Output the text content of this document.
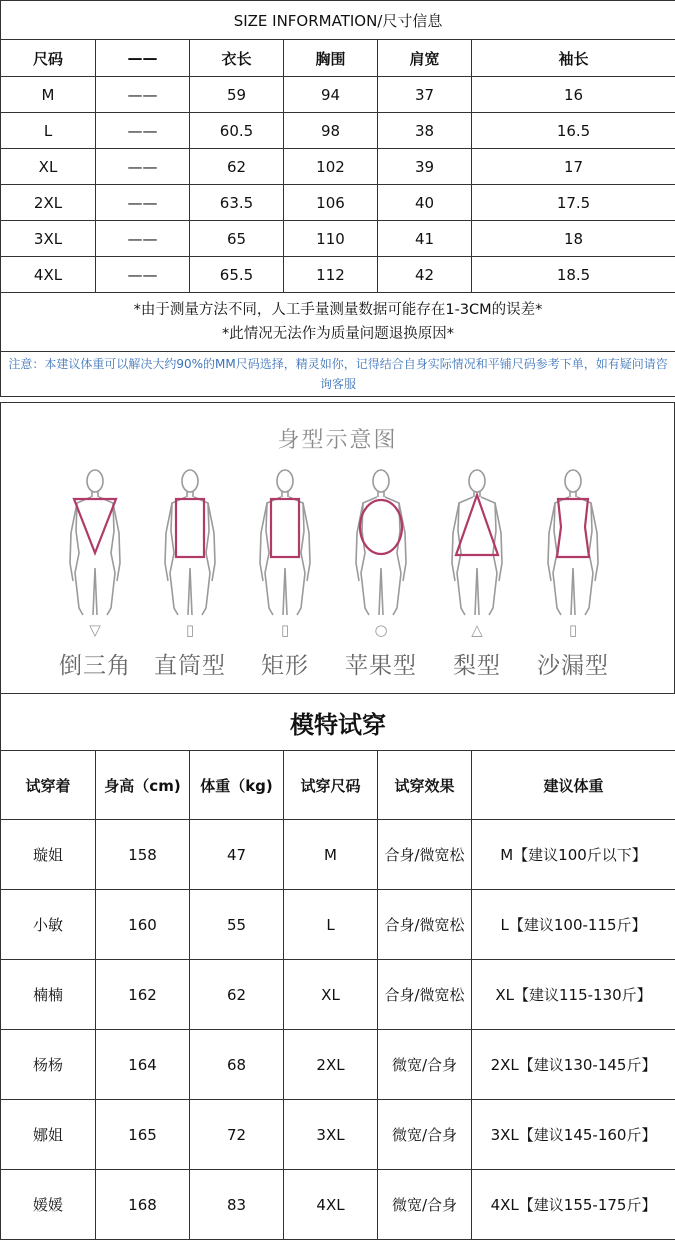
SIZE INFORMATION/尺寸信息					
尺码	——	衣长	胸围	肩宽	袖长
M	——	59	94	37	16
L	——	60.5	98	38	16.5
XL	——	62	102	39	17
2XL	——	63.5	106	40	17.5
3XL	——	65	110	41	18
4XL	——	65.5	112	42	18.5

*由于测量方法不同，人工手量测量数据可能存在1-3CM的误差*
*此情况无法作为质量问题退换原因*					

注意：本建议体重可以解决大约90%的MM尺码选择，精灵如你，记得结合自身实际情况和平铺尺码参考下单，如有疑问请咨询客服					
身型示意图
▽	▯	▯	○	△	▯
倒三角	直筒型	矩形	苹果型	梨型	沙漏型
模特试穿					
试穿着	身高（cm)	体重（kg)	试穿尺码	试穿效果	建议体重
璇姐	158	47	M	合身/微宽松	M【建议100斤以下】
小敏	160	55	L	合身/微宽松	L【建议100-115斤】
楠楠	162	62	XL	合身/微宽松	XL【建议115-130斤】
杨杨	164	68	2XL	微宽/合身	2XL【建议130-145斤】
娜姐	165	72	3XL	微宽/合身	3XL【建议145-160斤】
媛媛	168	83	4XL	微宽/合身	4XL【建议155-175斤】
